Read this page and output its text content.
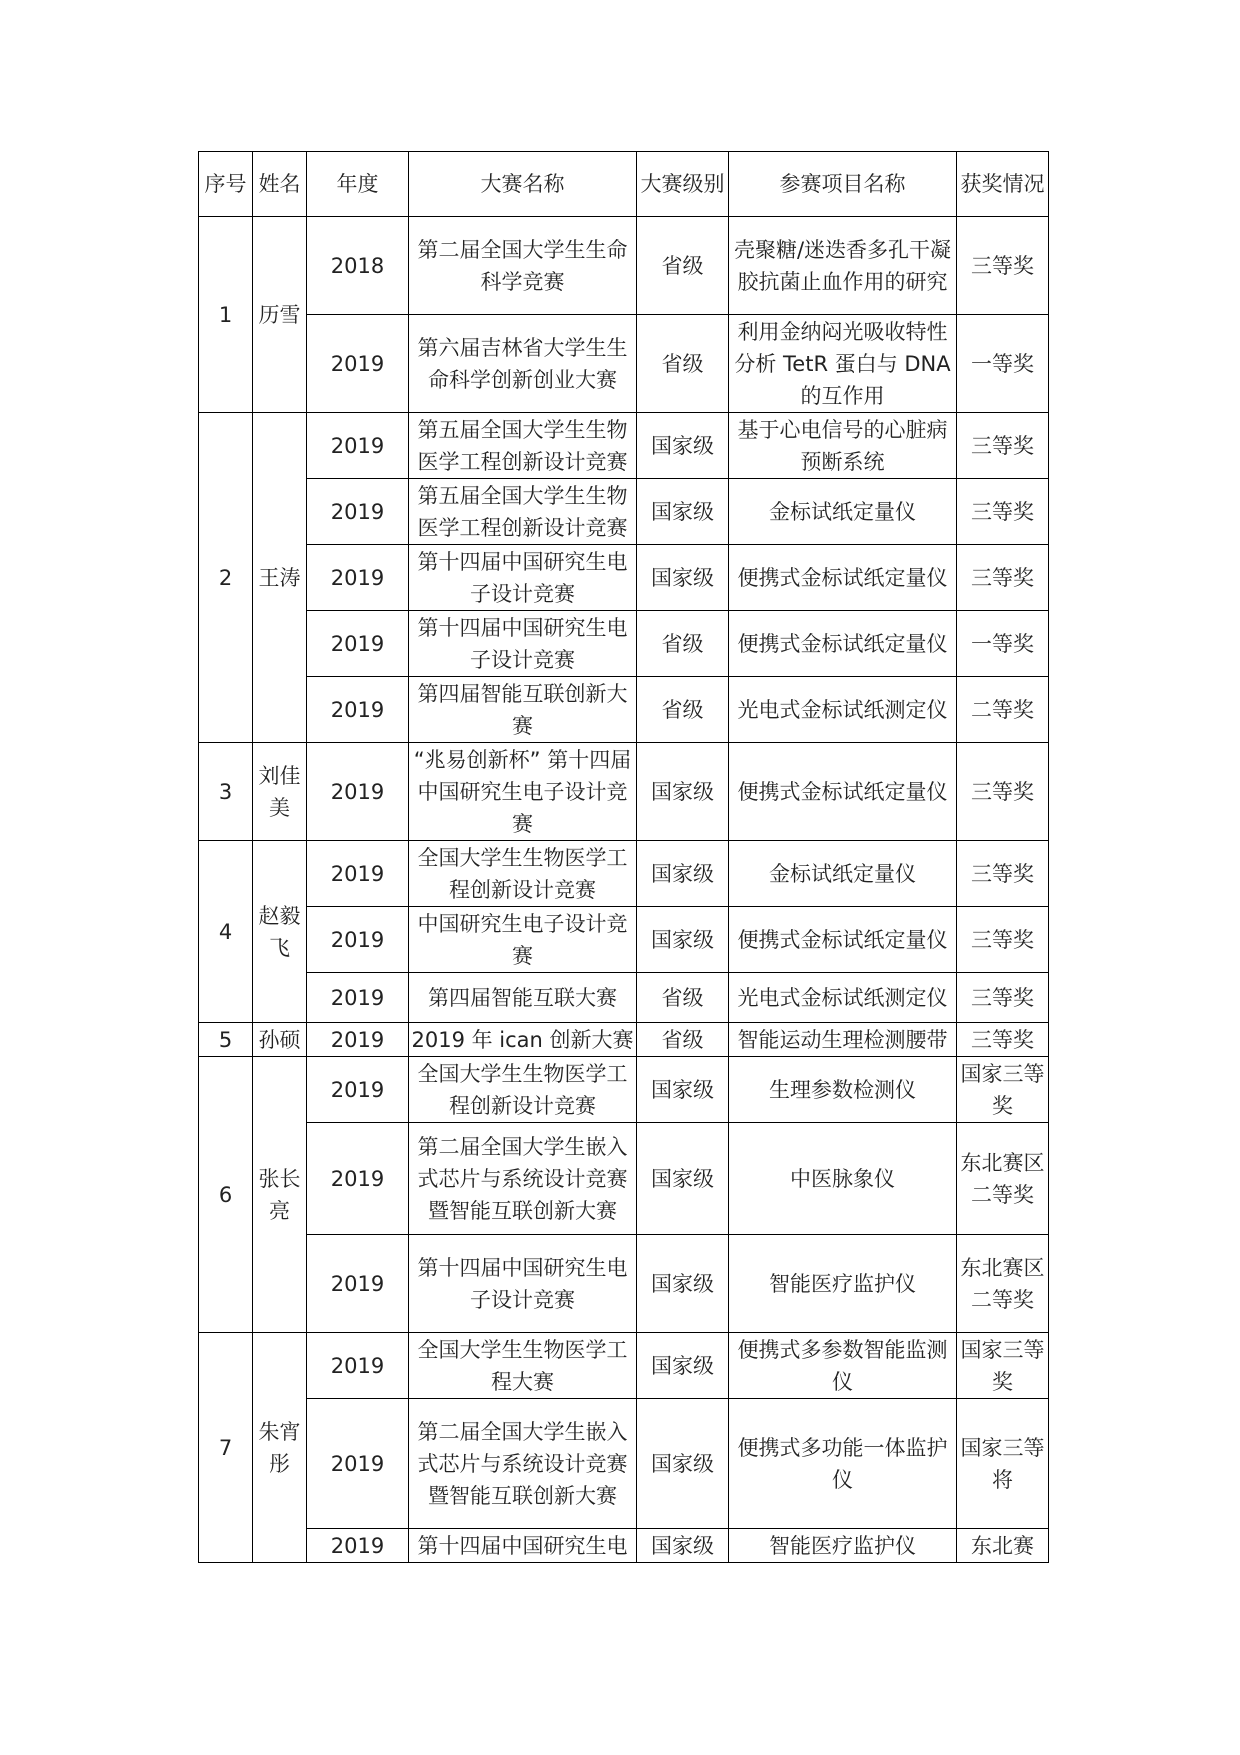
序号	姓名	年度	大赛名称	大赛级别	参赛项目名称	获奖情况
1	历雪	2018	第二届全国大学生生命科学竞赛	省级	壳聚糖/迷迭香多孔干凝胶抗菌止血作用的研究	三等奖
		2019	第六届吉林省大学生生命科学创新创业大赛	省级	利用金纳闷光吸收特性分析 TetR 蛋白与 DNA 的互作用	一等奖
2	王涛	2019	第五届全国大学生生物医学工程创新设计竞赛	国家级	基于心电信号的心脏病预断系统	三等奖
		2019	第五届全国大学生生物医学工程创新设计竞赛	国家级	金标试纸定量仪	三等奖
		2019	第十四届中国研究生电子设计竞赛	国家级	便携式金标试纸定量仪	三等奖
		2019	第十四届中国研究生电子设计竞赛	省级	便携式金标试纸定量仪	一等奖
		2019	第四届智能互联创新大赛	省级	光电式金标试纸测定仪	二等奖
3	刘佳美	2019	“兆易创新杯” 第十四届中国研究生电子设计竞赛	国家级	便携式金标试纸定量仪	三等奖
4	赵毅飞	2019	全国大学生生物医学工程创新设计竞赛	国家级	金标试纸定量仪	三等奖
		2019	中国研究生电子设计竞赛	国家级	便携式金标试纸定量仪	三等奖
		2019	第四届智能互联大赛	省级	光电式金标试纸测定仪	三等奖
5	孙硕	2019	2019 年 ican 创新大赛	省级	智能运动生理检测腰带	三等奖
6	张长亮	2019	全国大学生生物医学工程创新设计竞赛	国家级	生理参数检测仪	国家三等奖
		2019	第二届全国大学生嵌入式芯片与系统设计竞赛暨智能互联创新大赛	国家级	中医脉象仪	东北赛区二等奖
		2019	第十四届中国研究生电子设计竞赛	国家级	智能医疗监护仪	东北赛区二等奖
7	朱宵彤	2019	全国大学生生物医学工程大赛	国家级	便携式多参数智能监测仪	国家三等奖
		2019	第二届全国大学生嵌入式芯片与系统设计竞赛暨智能互联创新大赛	国家级	便携式多功能一体监护仪	国家三等将
		2019	第十四届中国研究生电	国家级	智能医疗监护仪	东北赛
